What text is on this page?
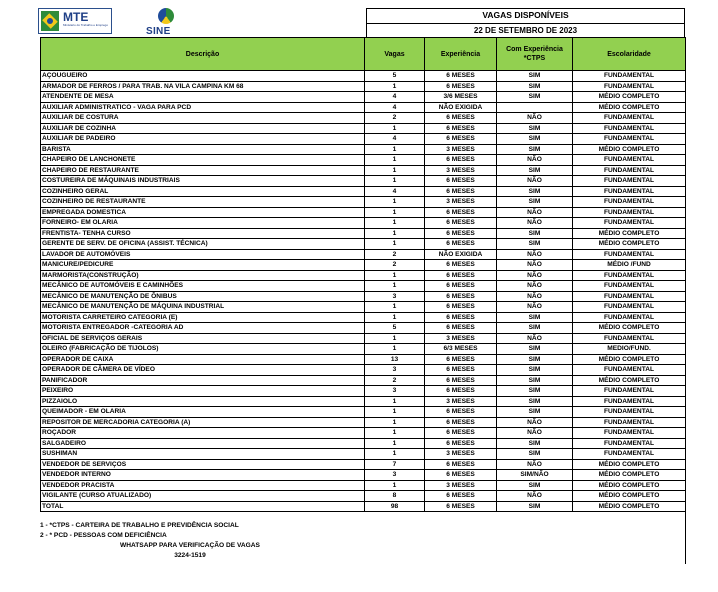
MTE
Ministério do Trabalho e Emprego
SINE
VAGAS DISPONÍVEIS
22 DE SETEMBRO DE 2023
Descrição	Vagas	Experiência	Com Experiência *CTPS	Escolaridade
AÇOUGUEIRO	5	6 MESES	SIM	FUNDAMENTAL
ARMADOR DE FERROS / PARA TRAB. NA VILA CAMPINA KM 68	1	6 MESES	SIM	FUNDAMENTAL
ATENDENTE DE MESA	4	3/6 MESES	SIM	MÉDIO COMPLETO
AUXILIAR ADMINISTRATICO - VAGA PARA PCD	4	NÃO EXIGIDA		MÉDIO COMPLETO
AUXILIAR DE COSTURA	2	6 MESES	NÃO	FUNDAMENTAL
AUXILIAR DE COZINHA	1	6 MESES	SIM	FUNDAMENTAL
AUXILIAR DE PADEIRO	4	6 MESES	SIM	FUNDAMENTAL
BARISTA	1	3 MESES	SIM	MÉDIO COMPLETO
CHAPEIRO DE LANCHONETE	1	6 MESES	NÃO	FUNDAMENTAL
CHAPEIRO DE RESTAURANTE	1	3 MESES	SIM	FUNDAMENTAL
COSTUREIRA DE MÁQUINAIS INDUSTRIAIS	1	6 MESES	NÃO	FUNDAMENTAL
COZINHEIRO GERAL	4	6 MESES	SIM	FUNDAMENTAL
COZINHEIRO DE RESTAURANTE	1	3 MESES	SIM	FUNDAMENTAL
EMPREGADA DOMESTICA	1	6 MESES	NÃO	FUNDAMENTAL
FORNEIRO- EM OLARIA	1	6 MESES	NÃO	FUNDAMENTAL
FRENTISTA- TENHA CURSO	1	6 MESES	SIM	MÉDIO COMPLETO
GERENTE DE SERV. DE OFICINA (ASSIST. TÉCNICA)	1	6 MESES	SIM	MÉDIO COMPLETO
LAVADOR DE AUTOMÓVEIS	2	NÃO EXIGIDA	NÃO	FUNDAMENTAL
MANICURE/PEDICURE	2	6 MESES	NÃO	MÉDIO /FUND
MARMORISTA(CONSTRUÇÃO)	1	6 MESES	NÃO	FUNDAMENTAL
MECÂNICO DE AUTOMÓVEIS E CAMINHÕES	1	6 MESES	NÃO	FUNDAMENTAL
MECÂNICO DE MANUTENÇÃO DE ÔNIBUS	3	6 MESES	NÃO	FUNDAMENTAL
MECÂNICO DE MANUTENÇÃO DE MÁQUINA INDUSTRIAL	1	6 MESES	NÃO	FUNDAMENTAL
MOTORISTA CARRETEIRO CATEGORIA (E)	1	6 MESES	SIM	FUNDAMENTAL
MOTORISTA ENTREGADOR -CATEGORIA AD	5	6 MESES	SIM	MÉDIO COMPLETO
OFICIAL DE SERVIÇOS GERAIS	1	3 MESES	NÃO	FUNDAMENTAL
OLEIRO (FABRICAÇÃO DE TIJOLOS)	1	6/3 MESES	SIM	MEDIO/FUND.
OPERADOR DE CAIXA	13	6 MESES	SIM	MÉDIO COMPLETO
OPERADOR DE CÂMERA DE VÍDEO	3	6 MESES	SIM	FUNDAMENTAL
PANIFICADOR	2	6 MESES	SIM	MÉDIO COMPLETO
PEIXEIRO	3	6 MESES	SIM	FUNDAMENTAL
PIZZAIOLO	1	3 MESES	SIM	FUNDAMENTAL
QUEIMADOR - EM OLARIA	1	6 MESES	SIM	FUNDAMENTAL
REPOSITOR DE MERCADORIA CATEGORIA (A)	1	6 MESES	NÃO	FUNDAMENTAL
ROÇADOR	1	6 MESES	NÃO	FUNDAMENTAL
SALGADEIRO	1	6 MESES	SIM	FUNDAMENTAL
SUSHIMAN	1	3 MESES	SIM	FUNDAMENTAL
VENDEDOR DE SERVIÇOS	7	6 MESES	NÃO	MÉDIO COMPLETO
VENDEDOR INTERNO	3	6 MESES	SIM/NÃO	MÉDIO COMPLETO
VENDEDOR PRACISTA	1	3 MESES	SIM	MÉDIO COMPLETO
VIGILANTE (CURSO ATUALIZADO)	8	6 MESES	NÃO	MÉDIO COMPLETO
TOTAL	98	6 MESES	SIM	MÉDIO COMPLETO
1 - *CTPS - CARTEIRA DE TRABALHO E PREVIDÊNCIA SOCIAL
2 - * PCD - PESSOAS COM DEFICIÊNCIA
WHATSAPP PARA VERIFICAÇÃO DE VAGAS
3224-1519
